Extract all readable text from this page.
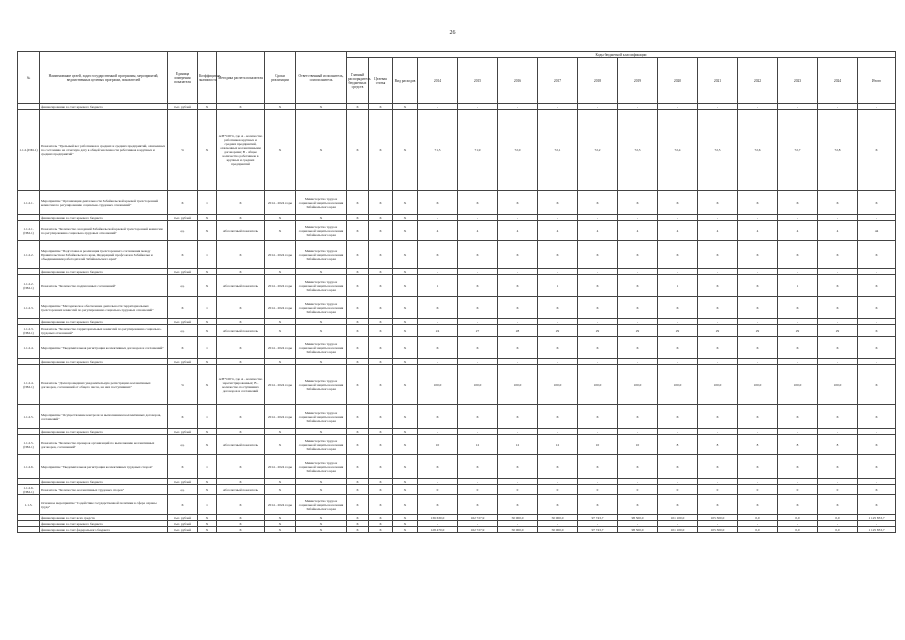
26
№	Наименование целей, задач государственной программы, мероприятий, ведомственных целевых программ, показателей	Единица измерения показателя	Коэффициент значимости	Методика расчета показателя	Сроки реализации	Ответственный исполнитель, соисполнитель	Коды бюджетной классификации														
							Главный распорядитель бюджетных средств	Целевая статья	Вид расходов	2014	2015	2016	2017	2018	2019	2020	2021	2022	2023	2024	Итого
	финансирование за счет краевого бюджета	тыс. рублей	X	X	X	X	X	X	X	-	-	-	-	-	-	-	-	-	-	-	-
1.1.2.(ПМ-1)	Показатель "Удельный вес работников в средних и средних предприятий, охваченных по состоянию на отчетную дату в общей численности работников в крупных и средних предприятий"	%	X	А/В*100%, где А - количество работников крупных и средних предприятий, охваченных коллективными договорами; В - общее количество работников в крупных и средних предприятий	X	X	X	X	X	71,5	71,9	72,0	72,1	72,2	72,3	72,4	72,5	72,6	72,7	72,8	X
1.1.2.1.	Мероприятие "Организация деятельности Забайкальской краевой трехсторонней комиссии по регулированию социально-трудовых отношений"	X	1	X	2014 - 2024 годы	Министерство труда и социальной защиты населения Забайкальского края	X	X	X	X	X	X	X	X	X	X	X	X	X	X	X
	финансирование за счет краевого бюджета	тыс. рублей	X	X	X	X	X	X	X	-	-	-	-	-	-	-	-	-	-	-	-
1.1.2.1.(ПМ-1)	Показатель "Количество заседаний Забайкальской краевой трехсторонней комиссии по регулированию социально-трудовых отношений"	ед.	X	Абсолютный показатель	X	Министерство труда и социальной защиты населения Забайкальского края	X	X	X	4	4	4	4	4	4	4	4	4	4	4	44
1.1.2.2.	Мероприятие "Подготовка и реализация трехстороннего соглашения между Правительством Забайкальского края, Федерацией профсоюзов Забайкалья и объединениями работодателей Забайкальского края"	X	1	X	2014 - 2024 годы	Министерство труда и социальной защиты населения Забайкальского края	X	X	X	X	X	X	X	X	X	X	X	X	X	X	X
	финансирование за счет краевого бюджета	тыс. рублей	X	X	X	X	X	X	X	-	-	-	-	-	-	-	-	-	-	-	-
1.1.2.2.(ПМ-1)	Показатель "Количество подписанных соглашений"	ед.	X	Абсолютный показатель	2014 - 2024 годы	Министерство труда и социальной защиты населения Забайкальского края	X	X	X	1	X	X	1	X	X	1	X	X	1	X	X
1.1.2.3.	Мероприятие "Методическое обеспечение деятельности территориальных трехсторонних комиссий по регулированию социально-трудовых отношений"	X	1	X	2014 - 2024 годы	Министерство труда и социальной защиты населения Забайкальского края	X	X	X	X	X	X	X	X	X	X	X	X	X	X	X
	финансирование за счет краевого бюджета	тыс. рублей	X	X	X	X	X	X	X	-	-	-	-	-	-	-	-	-	-	-	-
1.1.2.3.(ПМ-1)	Показатель "Количество территориальных комиссий по регулированию социально-трудовых отношений"	ед.	X	Абсолютный показатель	X	X	X	X	X	24	27	28	29	29	29	29	29	29	29	29	X
1.1.2.4.	Мероприятие "Уведомительная регистрация коллективных договоров и соглашений"	X	1	X	2014 - 2024 годы	Министерство труда и социальной защиты населения Забайкальского края	X	X	X	X	X	X	X	X	X	X	X	X	X	X	X
	финансирование за счет краевого бюджета	тыс. рублей	X	X	X	X	X	X	X	-	-	-	-	-	-	-	-	-	-	-	-
1.1.2.4.(ПМ-1)	Показатель "Доля прошедших уведомительную регистрацию коллективных договоров, соглашений от общего числа, на них поступивших"	%	X	А/В*100%, где А - количество зарегистрированных; В - количество поступивших договоров и соглашений	2014 - 2024 годы	Министерство труда и социальной защиты населения Забайкальского края	X	X	X	100,0	100,0	100,0	100,0	100,0	100,0	100,0	100,0	100,0	100,0	100,0	X
1.1.2.5.	Мероприятие "Осуществление контроля за выполнением коллективных договоров, соглашений"	X	1	X	2014 - 2024 годы	Министерство труда и социальной защиты населения Забайкальского края	X	X	X	X	X	X	X	X	X	X	X	X	X	X	X
	финансирование за счет краевого бюджета	тыс. рублей	X	X	X	X	X	X	X	-	-	-	-	-	-	-	-	-	-	-	-
1.1.2.5.(ПМ-1)	Показатель "Количество проверок организаций по выполнению коллективных договоров, соглашений"	ед.	X	Абсолютный показатель	X	Министерство труда и социальной защиты населения Забайкальского края	X	X	X	10	12	12	12	10	10	8	8	8	8	8	X
1.1.2.6.	Мероприятие "Уведомительная регистрация коллективных трудовых споров"	X	1	X	2014 - 2024 годы	Министерство труда и социальной защиты населения Забайкальского края	X	X	X	X	X	X	X	X	X	X	X	X	X	X	X
	финансирование за счет краевого бюджета	тыс. рублей	X	X	X	X	X	X	X	-	-	-	-	-	-	-	-	-	-	-	-
1.1.2.6.(ПМ-1)	Показатель "Количество коллективных трудовых споров"	ед.	X	Абсолютный показатель	X	X	X	X	X	0	0	0	0	0	0	0	0	0	0	0	X
1.1.3.	Основное мероприятие "Содействие государственной политики в сфере охраны труда"	X	1	X	2014 - 2024 годы	Министерство труда и социальной защиты населения Забайкальского края	X	X	X	X	X	X	X	X	X	X	X	X	X	X	X
	финансирование за счет всех средств	тыс. рублей	X	X	X	X	X	X	X	136 630,0	162 727,9	50 000,0	50 000,0	97 743,7	98 500,0	101 100,0	105 300,0	0,0	0,0	0,0	1 125 833,7
	финансирование за счет краевого бюджета	тыс. рублей	X	X	X	X	X	X	X	-	-	-	-	-	-	-	-	-	-	-	-
	финансирование за счет федерального бюджета	тыс. рублей	X	X	X	X	X	X	X	128 470,0	162 727,9	50 000,0	50 000,0	97 743,7	98 500,0	101 100,0	105 300,0	0,0	0,0	0,0	1 125 833,7
